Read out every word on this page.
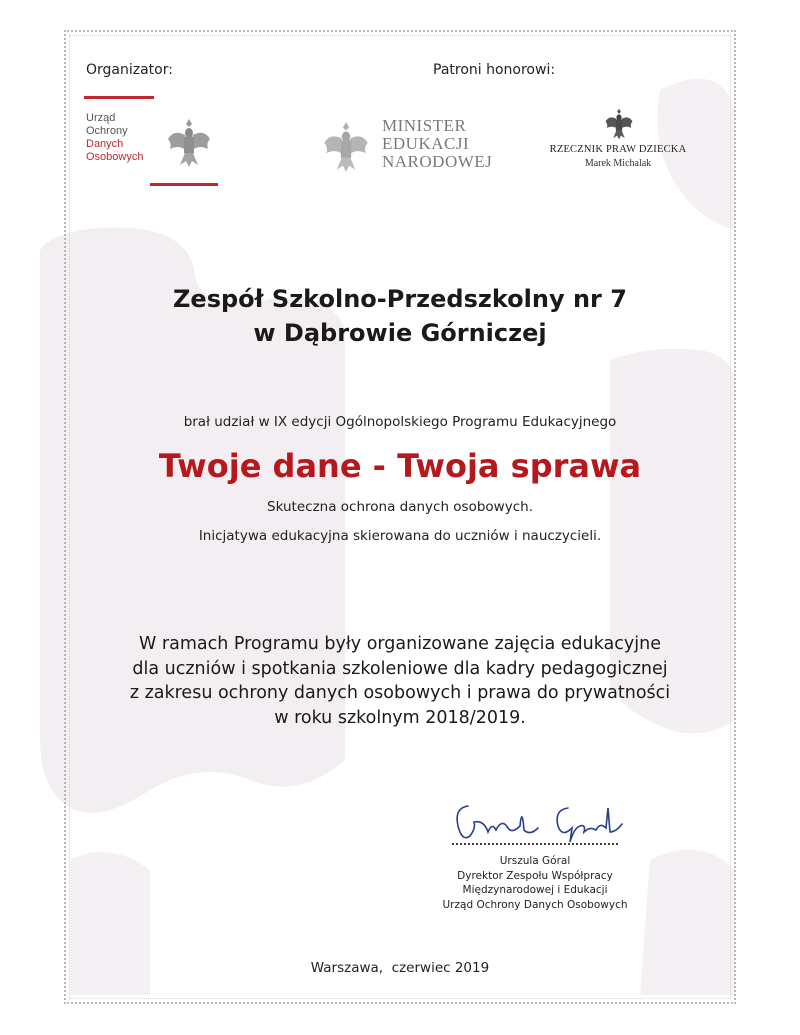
Organizator:	Patroni honorowi:
Urząd
Ochrony
Danych
Osobowych
MINISTER
EDUKACJI
NARODOWEJ
RZECZNIK PRAW DZIECKA
Marek Michalak
Zespół Szkolno-Przedszkolny nr 7
w Dąbrowie Górniczej
brał udział w IX edycji Ogólnopolskiego Programu Edukacyjnego
Twoje dane - Twoja sprawa
Skuteczna ochrona danych osobowych.
Inicjatywa edukacyjna skierowana do uczniów i nauczycieli.
W ramach Programu były organizowane zajęcia edukacyjne
dla uczniów i spotkania szkoleniowe dla kadry pedagogicznej
z zakresu ochrony danych osobowych i prawa do prywatności
w roku szkolnym 2018/2019.
Urszula Góral
Dyrektor Zespołu Współpracy
Międzynarodowej i Edukacji
Urząd Ochrony Danych Osobowych
Warszawa,  czerwiec 2019
